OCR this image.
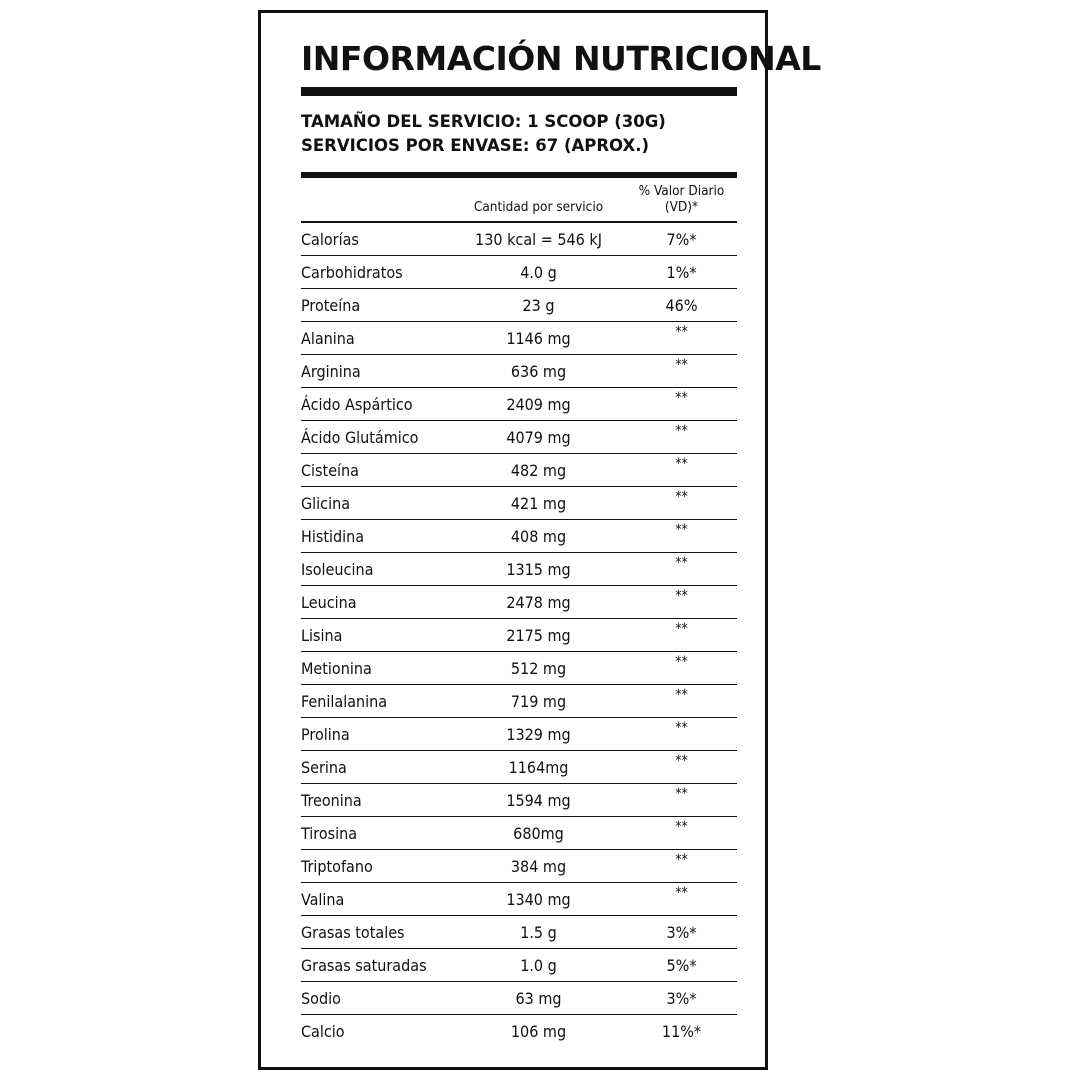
INFORMACIÓN NUTRICIONAL
TAMAÑO DEL SERVICIO: 1 SCOOP (30G)
SERVICIOS POR ENVASE: 67 (APROX.)
	Cantidad por servicio	% Valor Diario (VD)*
Calorías	130 kcal = 546 kJ	7%*
Carbohidratos	4.0 g	1%*
Proteína	23 g	46%
Alanina	1146 mg	**
Arginina	636 mg	**
Ácido Aspártico	2409 mg	**
Ácido Glutámico	4079 mg	**
Cisteína	482 mg	**
Glicina	421 mg	**
Histidina	408 mg	**
Isoleucina	1315 mg	**
Leucina	2478 mg	**
Lisina	2175 mg	**
Metionina	512 mg	**
Fenilalanina	719 mg	**
Prolina	1329 mg	**
Serina	1164mg	**
Treonina	1594 mg	**
Tirosina	680mg	**
Triptofano	384 mg	**
Valina	1340 mg	**
Grasas totales	1.5 g	3%*
Grasas saturadas	1.0 g	5%*
Sodio	63 mg	3%*
Calcio	106 mg	11%*
